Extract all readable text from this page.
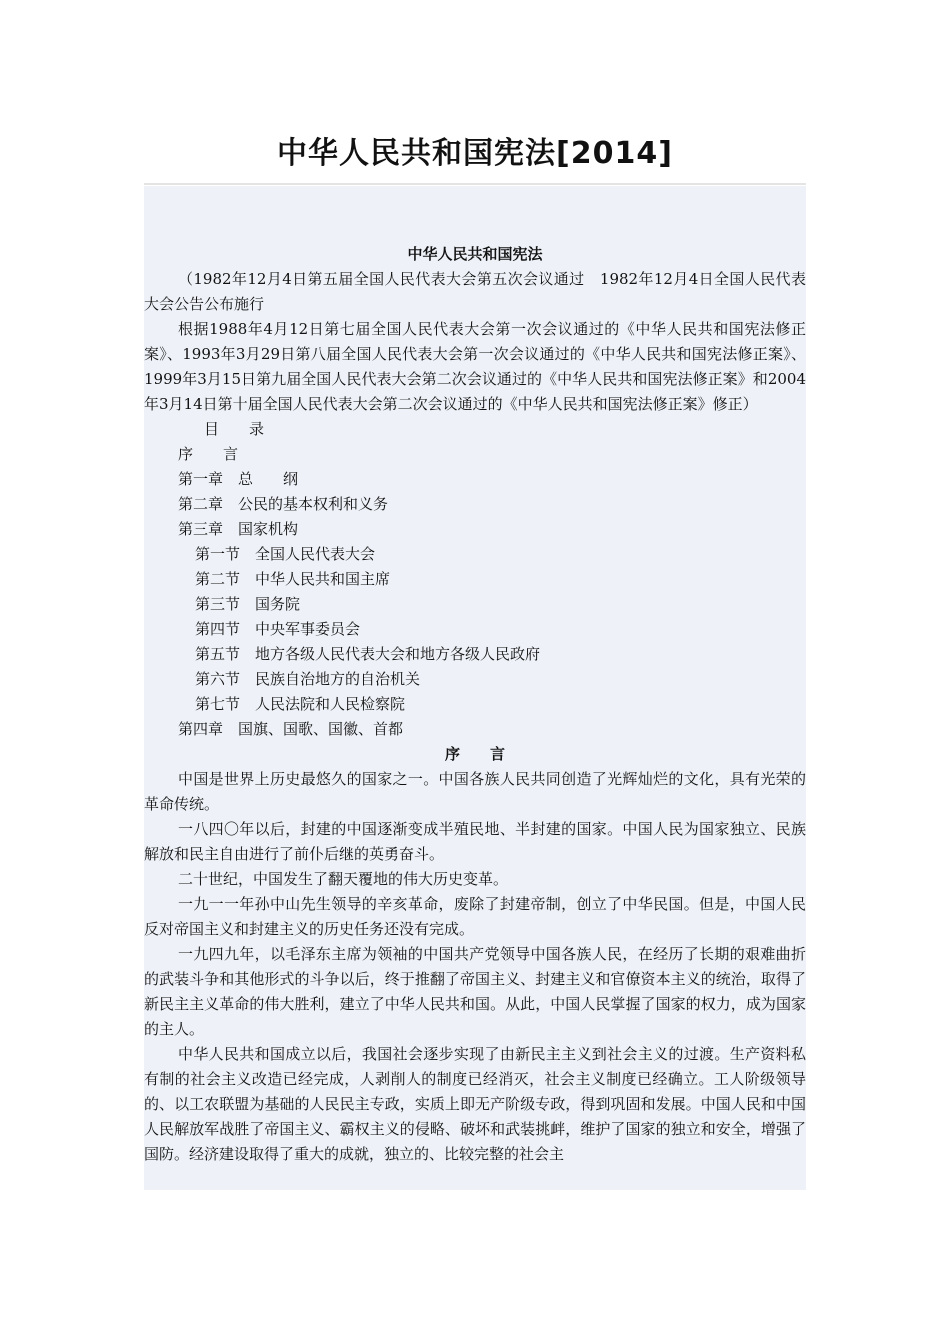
中华人民共和国宪法[2014]

中华人民共和国宪法

（1982年12月4日第五届全国人民代表大会第五次会议通过　1982年12月4日全国人民代表大会公告公布施行

根据1988年4月12日第七届全国人民代表大会第一次会议通过的《中华人民共和国宪法修正案》、1993年3月29日第八届全国人民代表大会第一次会议通过的《中华人民共和国宪法修正案》、1999年3月15日第九届全国人民代表大会第二次会议通过的《中华人民共和国宪法修正案》和2004年3月14日第十届全国人民代表大会第二次会议通过的《中华人民共和国宪法修正案》修正）

目　　录

序　　言

第一章　总　　纲

第二章　公民的基本权利和义务

第三章　国家机构

第一节　全国人民代表大会

第二节　中华人民共和国主席

第三节　国务院

第四节　中央军事委员会

第五节　地方各级人民代表大会和地方各级人民政府

第六节　民族自治地方的自治机关

第七节　人民法院和人民检察院

第四章　国旗、国歌、国徽、首都

序　　言

中国是世界上历史最悠久的国家之一。中国各族人民共同创造了光辉灿烂的文化，具有光荣的革命传统。

一八四〇年以后，封建的中国逐渐变成半殖民地、半封建的国家。中国人民为国家独立、民族解放和民主自由进行了前仆后继的英勇奋斗。

二十世纪，中国发生了翻天覆地的伟大历史变革。

一九一一年孙中山先生领导的辛亥革命，废除了封建帝制，创立了中华民国。但是，中国人民反对帝国主义和封建主义的历史任务还没有完成。

一九四九年，以毛泽东主席为领袖的中国共产党领导中国各族人民，在经历了长期的艰难曲折的武装斗争和其他形式的斗争以后，终于推翻了帝国主义、封建主义和官僚资本主义的统治，取得了新民主主义革命的伟大胜利，建立了中华人民共和国。从此，中国人民掌握了国家的权力，成为国家的主人。

中华人民共和国成立以后，我国社会逐步实现了由新民主主义到社会主义的过渡。生产资料私有制的社会主义改造已经完成，人剥削人的制度已经消灭，社会主义制度已经确立。工人阶级领导的、以工农联盟为基础的人民民主专政，实质上即无产阶级专政，得到巩固和发展。中国人民和中国人民解放军战胜了帝国主义、霸权主义的侵略、破坏和武装挑衅，维护了国家的独立和安全，增强了国防。经济建设取得了重大的成就，独立的、比较完整的社会主
